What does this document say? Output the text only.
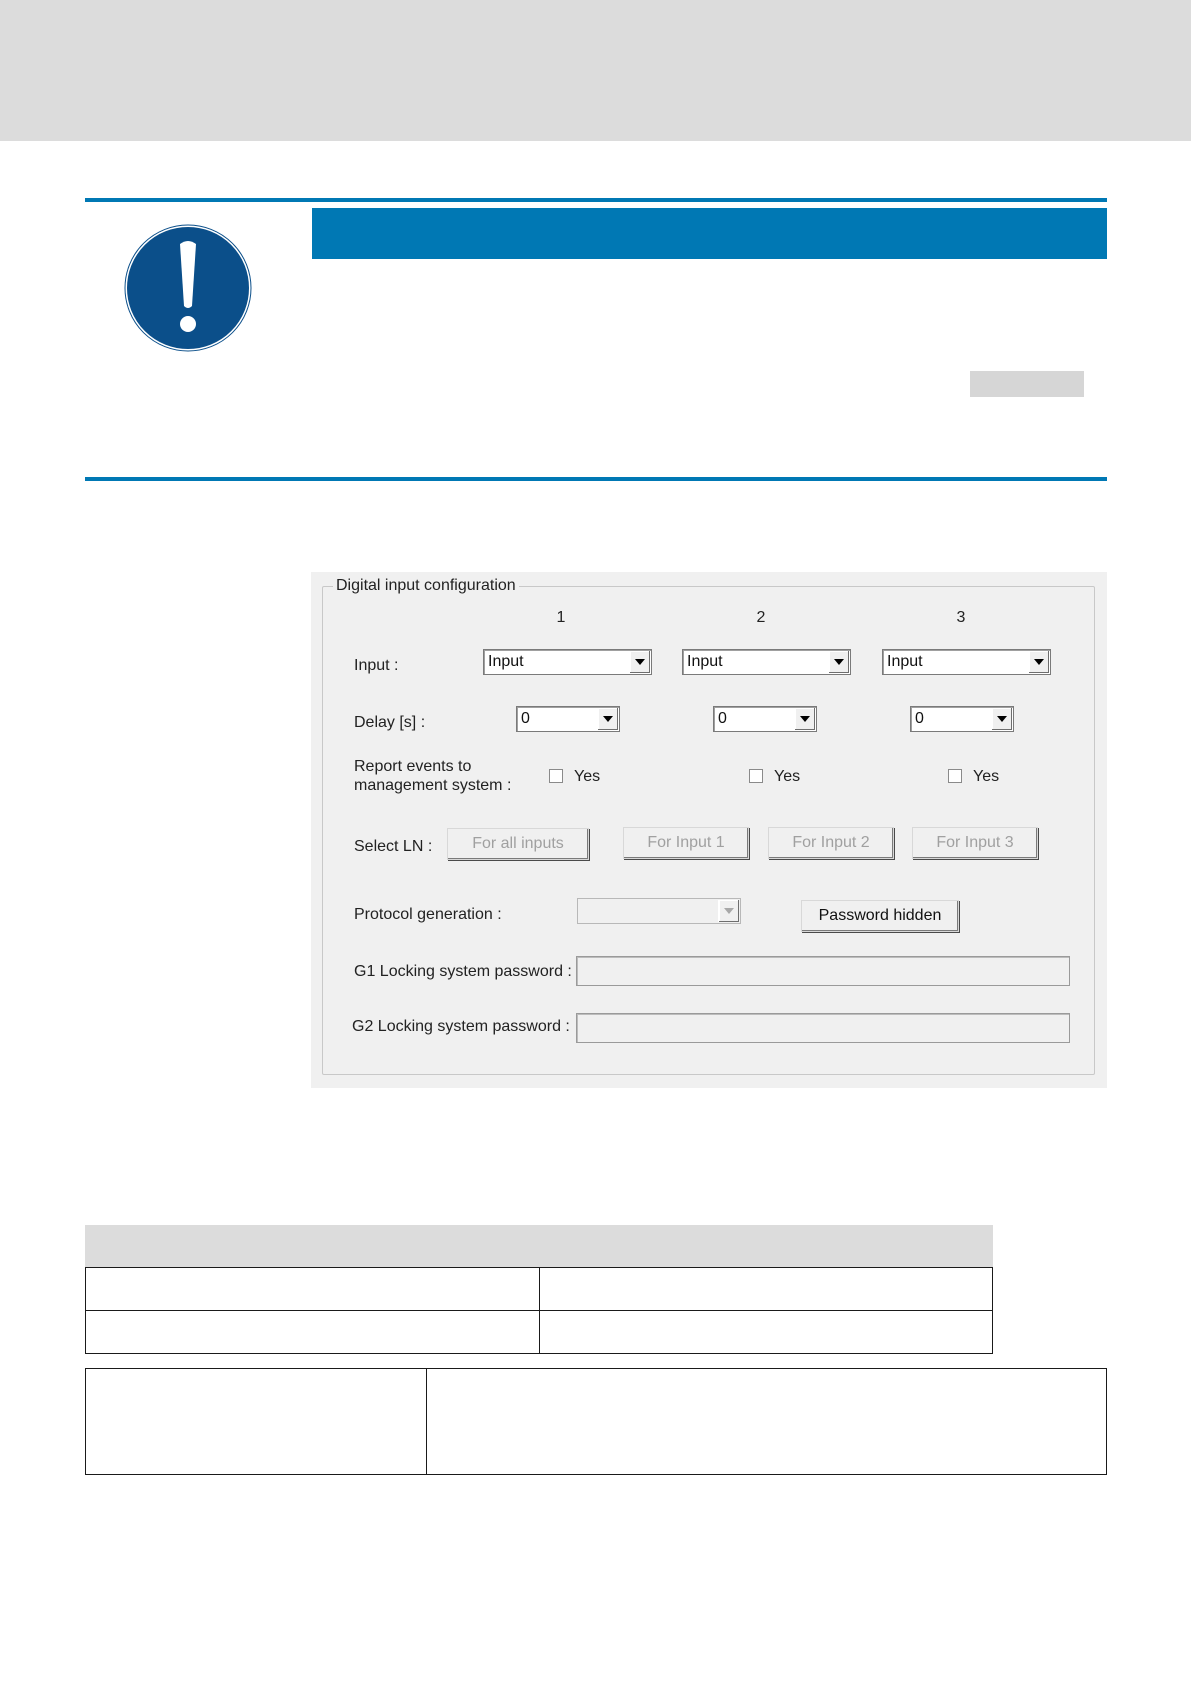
Digital input configuration
1	2	3
Input :	Input	Input	Input
Delay [s] :	0	0	0
Report events to
management system :
Yes	Yes	Yes
Select LN :	For all inputs	For Input 1	For Input 2	For Input 3
Protocol generation :	Password hidden
G1 Locking system password :
G2 Locking system password :
